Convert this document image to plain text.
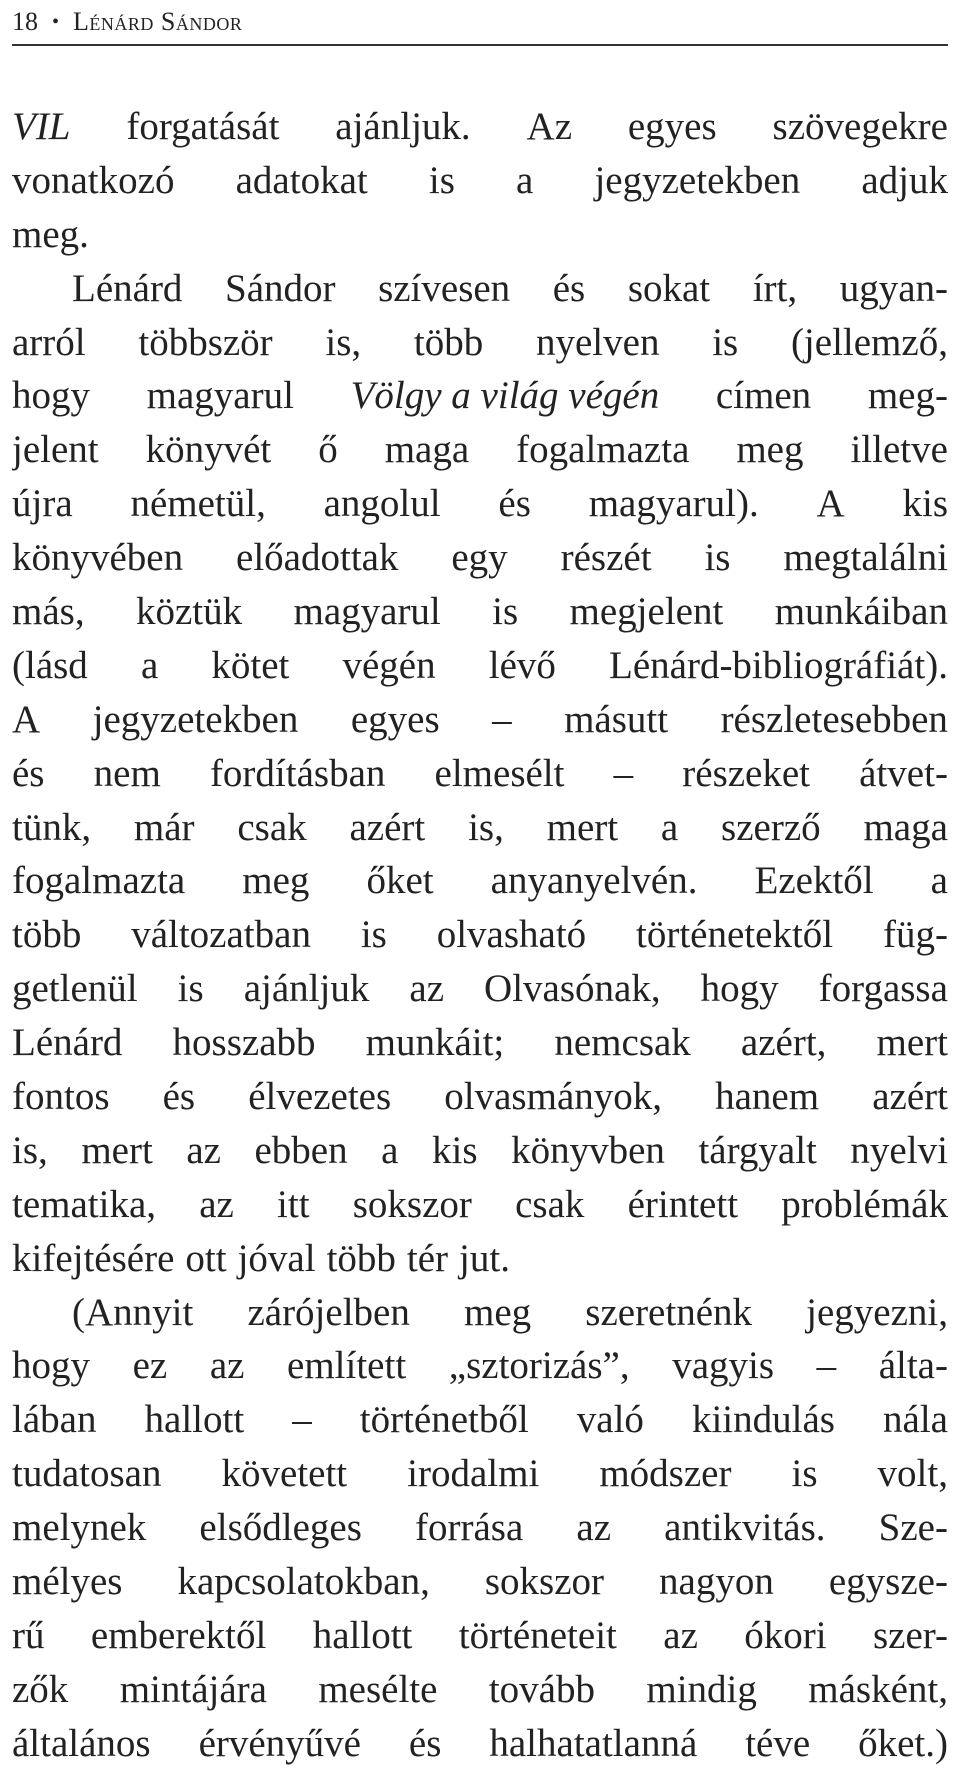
18 • Lénárd Sándor
VIL forgatását ajánljuk. Az egyes szövegekre
vonatkozó adatokat is a jegyzetekben adjuk
meg.
Lénárd Sándor szívesen és sokat írt, ugyan-
arról többször is, több nyelven is (jellemző,
hogy magyarul Völgy a világ végén címen meg-
jelent könyvét ő maga fogalmazta meg illetve
újra németül, angolul és magyarul). A kis
könyvében előadottak egy részét is megtalálni
más, köztük magyarul is megjelent munkáiban
(lásd a kötet végén lévő Lénárd-bibliográfiát).
A jegyzetekben egyes – másutt részletesebben
és nem fordításban elmesélt – részeket átvet-
tünk, már csak azért is, mert a szerző maga
fogalmazta meg őket anyanyelvén. Ezektől a
több változatban is olvasható történetektől füg-
getlenül is ajánljuk az Olvasónak, hogy forgassa
Lénárd hosszabb munkáit; nemcsak azért, mert
fontos és élvezetes olvasmányok, hanem azért
is, mert az ebben a kis könyvben tárgyalt nyelvi
tematika, az itt sokszor csak érintett problémák
kifejtésére ott jóval több tér jut.
(Annyit zárójelben meg szeretnénk jegyezni,
hogy ez az említett „sztorizás”, vagyis – álta-
lában hallott – történetből való kiindulás nála
tudatosan követett irodalmi módszer is volt,
melynek elsődleges forrása az antikvitás. Sze-
mélyes kapcsolatokban, sokszor nagyon egysze-
rű emberektől hallott történeteit az ókori szer-
zők mintájára mesélte tovább mindig másként,
általános érvényűvé és halhatatlanná téve őket.)
